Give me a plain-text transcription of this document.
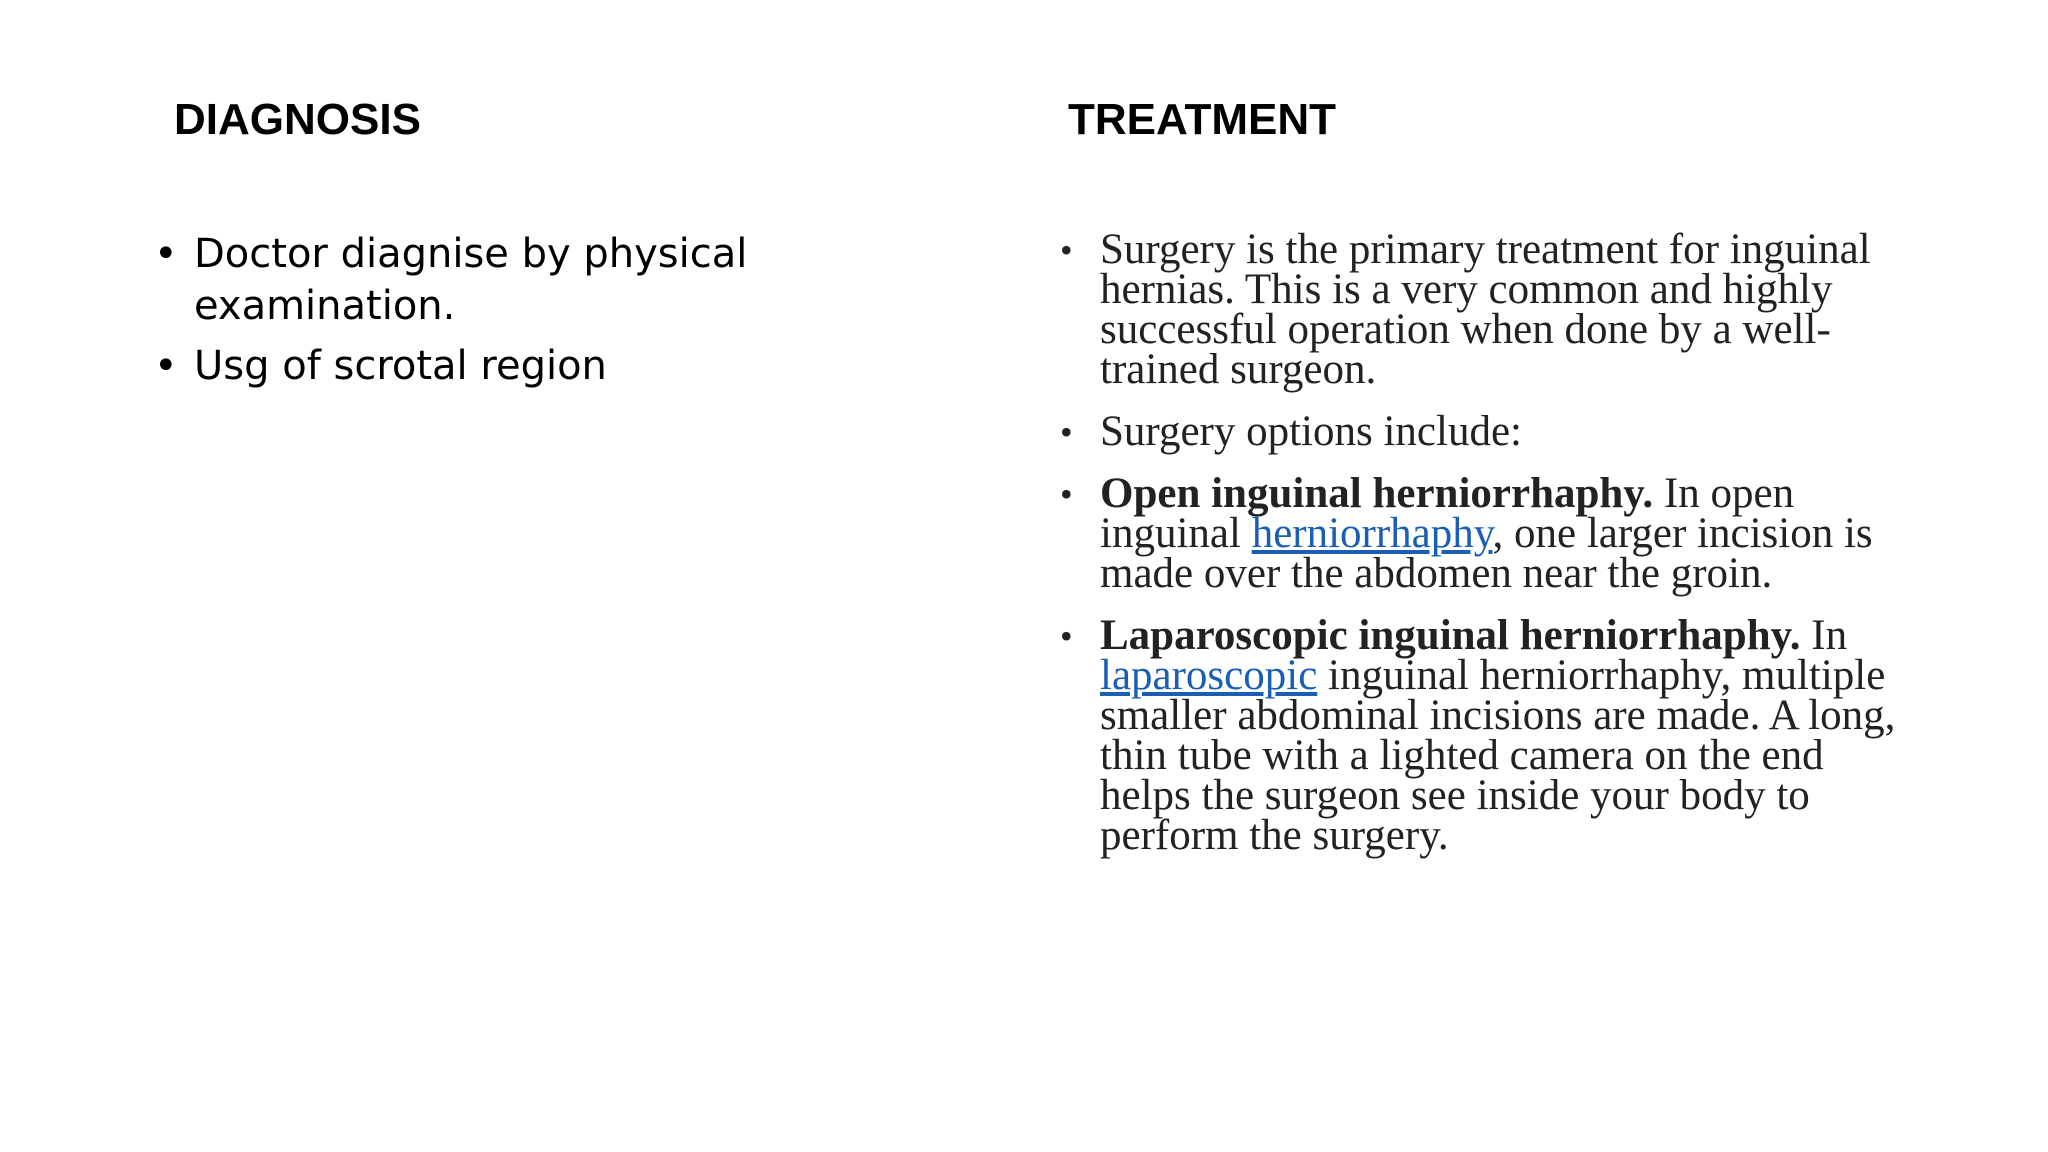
DIAGNOSIS
• Doctor diagnise by physical examination.
• Usg of scrotal region
TREATMENT
• Surgery is the primary treatment for inguinal hernias. This is a very common and highly successful operation when done by a well-trained surgeon.
• Surgery options include:
• Open inguinal herniorrhaphy. In open inguinal herniorrhaphy, one larger incision is made over the abdomen near the groin.
• Laparoscopic inguinal herniorrhaphy. In laparoscopic inguinal herniorrhaphy, multiple smaller abdominal incisions are made. A long, thin tube with a lighted camera on the end helps the surgeon see inside your body to perform the surgery.
